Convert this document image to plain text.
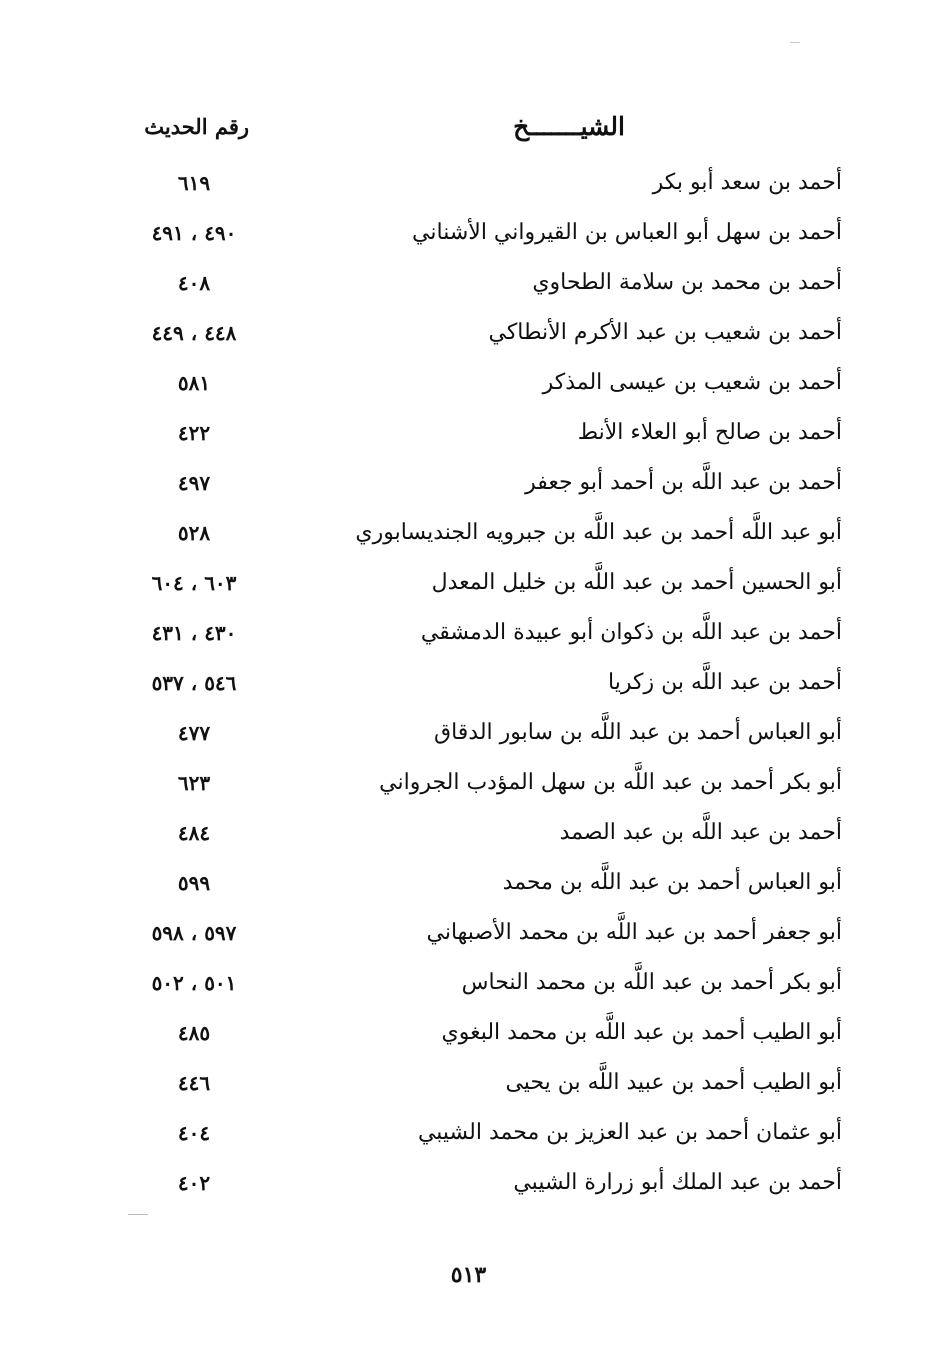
الشيـــــــخ
رقم الحديث
أحمد بن سعد أبو بكر
٦١٩
أحمد بن سهل أبو العباس بن القيرواني الأشناني
٤٩٠ ، ٤٩١
أحمد بن محمد بن سلامة الطحاوي
٤٠٨
أحمد بن شعيب بن عبد الأكرم الأنطاكي
٤٤٨ ، ٤٤٩
أحمد بن شعيب بن عيسى المذكر
٥٨١
أحمد بن صالح أبو العلاء الأنط
٤٢٢
أحمد بن عبد اللَّه بن أحمد أبو جعفر
٤٩٧
أبو عبد اللَّه أحمد بن عبد اللَّه بن جبرويه الجنديسابوري
٥٢٨
أبو الحسين أحمد بن عبد اللَّه بن خليل المعدل
٦٠٣ ، ٦٠٤
أحمد بن عبد اللَّه بن ذكوان أبو عبيدة الدمشقي
٤٣٠ ، ٤٣١
أحمد بن عبد اللَّه بن زكريا
٥٤٦ ، ٥٣٧
أبو العباس أحمد بن عبد اللَّه بن سابور الدقاق
٤٧٧
أبو بكر أحمد بن عبد اللَّه بن سهل المؤدب الجرواني
٦٢٣
أحمد بن عبد اللَّه بن عبد الصمد
٤٨٤
أبو العباس أحمد بن عبد اللَّه بن محمد
٥٩٩
أبو جعفر أحمد بن عبد اللَّه بن محمد الأصبهاني
٥٩٧ ، ٥٩٨
أبو بكر أحمد بن عبد اللَّه بن محمد النحاس
٥٠١ ، ٥٠٢
أبو الطيب أحمد بن عبد اللَّه بن محمد البغوي
٤٨٥
أبو الطيب أحمد بن عبيد اللَّه بن يحيى
٤٤٦
أبو عثمان أحمد بن عبد العزيز بن محمد الشيبي
٤٠٤
أحمد بن عبد الملك أبو زرارة الشيبي
٤٠٢
٥١٣
